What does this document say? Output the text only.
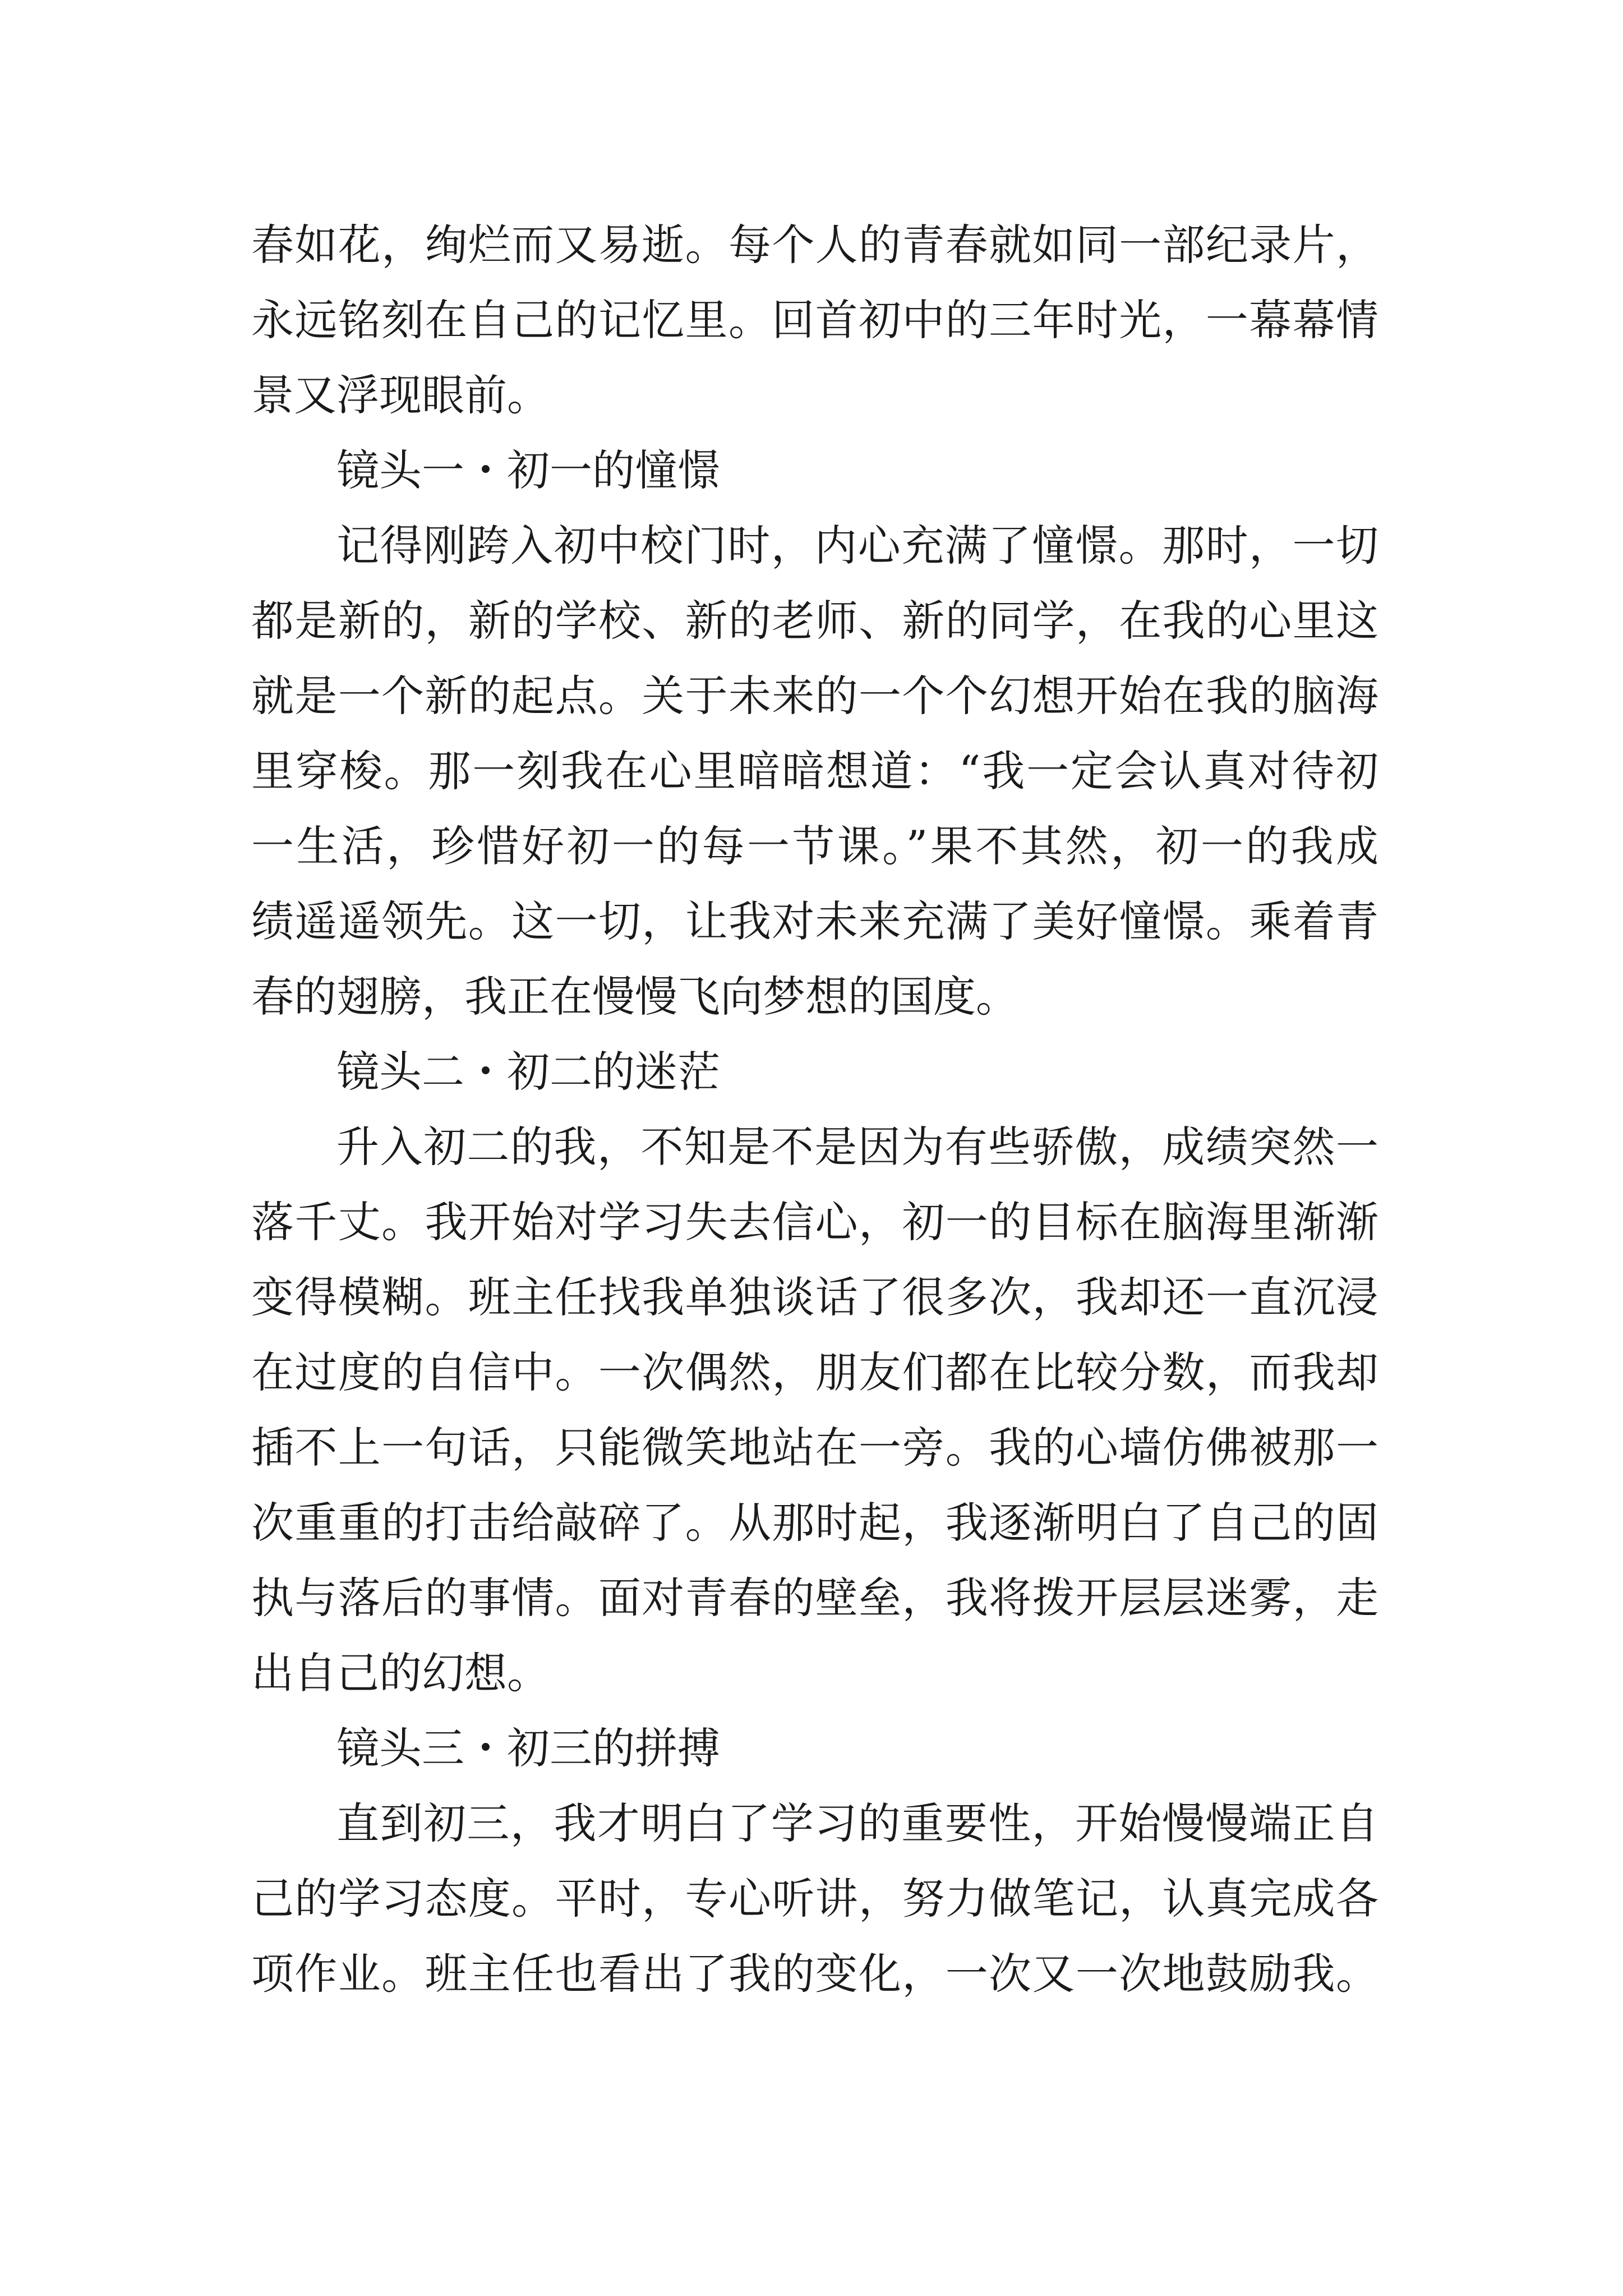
春如花，绚烂而又易逝。每个人的青春就如同一部纪录片，
永远铭刻在自己的记忆里。回首初中的三年时光，一幕幕情
景又浮现眼前。
镜头一・初一的憧憬
记得刚跨入初中校门时，内心充满了憧憬。那时，一切
都是新的，新的学校、新的老师、新的同学，在我的心里这
就是一个新的起点。关于未来的一个个幻想开始在我的脑海
里穿梭。那一刻我在心里暗暗想道：“我一定会认真对待初
一生活，珍惜好初一的每一节课。”果不其然，初一的我成
绩遥遥领先。这一切，让我对未来充满了美好憧憬。乘着青
春的翅膀，我正在慢慢飞向梦想的国度。
镜头二・初二的迷茫
升入初二的我，不知是不是因为有些骄傲，成绩突然一
落千丈。我开始对学习失去信心，初一的目标在脑海里渐渐
变得模糊。班主任找我单独谈话了很多次，我却还一直沉浸
在过度的自信中。一次偶然，朋友们都在比较分数，而我却
插不上一句话，只能微笑地站在一旁。我的心墙仿佛被那一
次重重的打击给敲碎了。从那时起，我逐渐明白了自己的固
执与落后的事情。面对青春的壁垒，我将拨开层层迷雾，走
出自己的幻想。
镜头三・初三的拼搏
直到初三，我才明白了学习的重要性，开始慢慢端正自
己的学习态度。平时，专心听讲，努力做笔记，认真完成各
项作业。班主任也看出了我的变化，一次又一次地鼓励我。
